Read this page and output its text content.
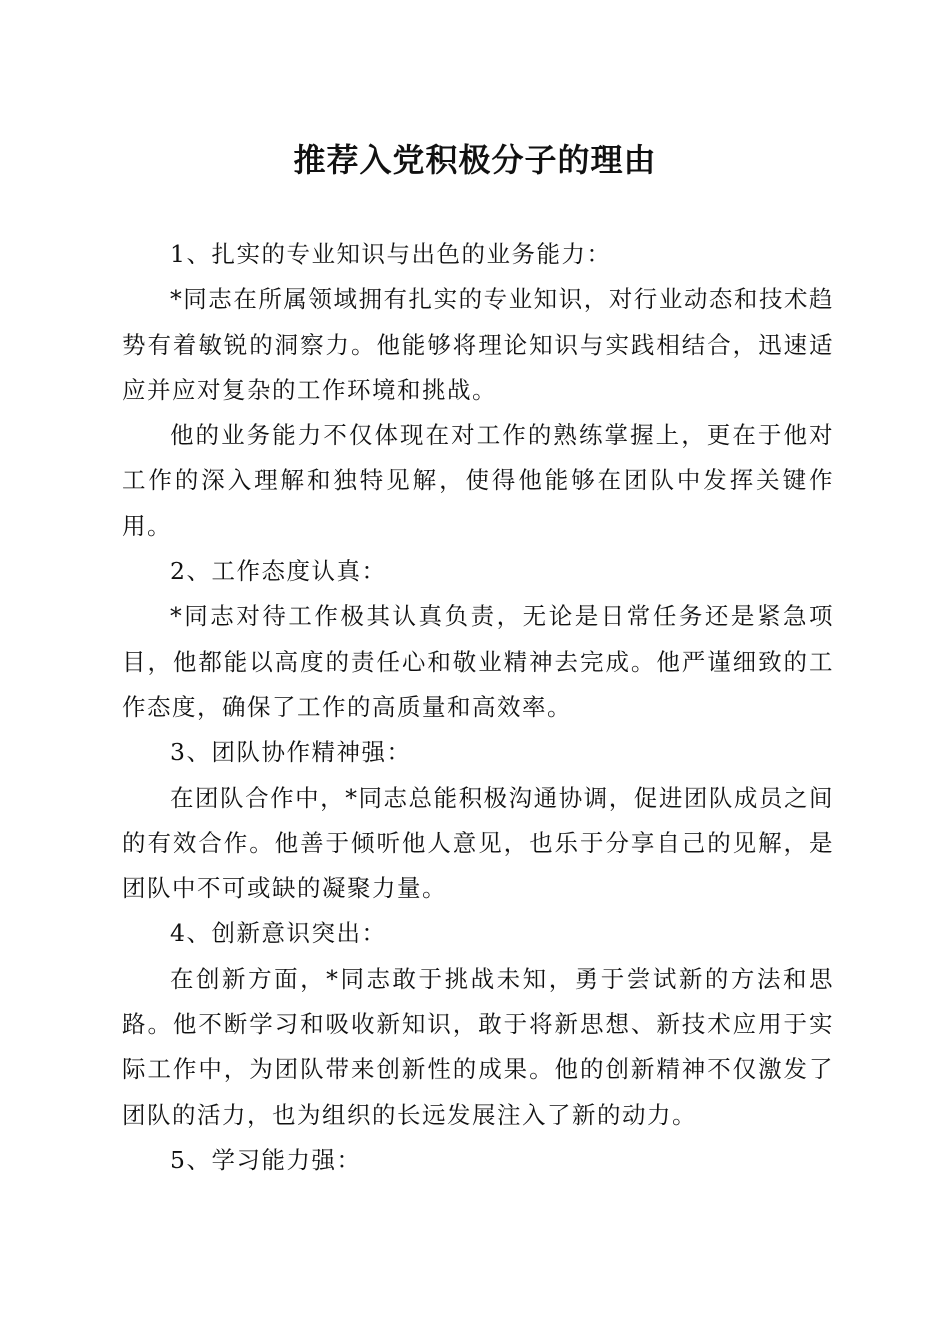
推荐入党积极分子的理由

1、扎实的专业知识与出色的业务能力：

*同志在所属领域拥有扎实的专业知识，对行业动态和技术趋势有着敏锐的洞察力。他能够将理论知识与实践相结合，迅速适应并应对复杂的工作环境和挑战。

他的业务能力不仅体现在对工作的熟练掌握上，更在于他对工作的深入理解和独特见解，使得他能够在团队中发挥关键作用。

2、工作态度认真：

*同志对待工作极其认真负责，无论是日常任务还是紧急项目，他都能以高度的责任心和敬业精神去完成。他严谨细致的工作态度，确保了工作的高质量和高效率。

3、团队协作精神强：

在团队合作中，*同志总能积极沟通协调，促进团队成员之间的有效合作。他善于倾听他人意见，也乐于分享自己的见解，是团队中不可或缺的凝聚力量。

4、创新意识突出：

在创新方面，*同志敢于挑战未知，勇于尝试新的方法和思路。他不断学习和吸收新知识，敢于将新思想、新技术应用于实际工作中，为团队带来创新性的成果。他的创新精神不仅激发了团队的活力，也为组织的长远发展注入了新的动力。

5、学习能力强：
